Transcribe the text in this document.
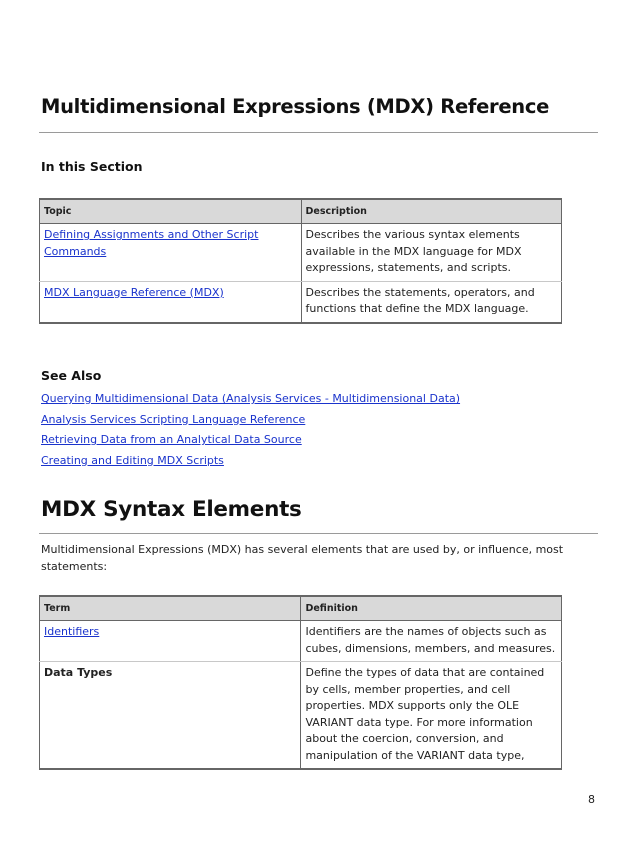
Multidimensional Expressions (MDX) Reference

In this Section

Topic	Description
Defining Assignments and Other Script Commands	Describes the various syntax elements available in the MDX language for MDX expressions, statements, and scripts.
MDX Language Reference (MDX)	Describes the statements, operators, and functions that define the MDX language.

See Also

Querying Multidimensional Data (Analysis Services - Multidimensional Data)
Analysis Services Scripting Language Reference
Retrieving Data from an Analytical Data Source
Creating and Editing MDX Scripts
MDX Syntax Elements
Multidimensional Expressions (MDX) has several elements that are used by, or influence, most statements:
Term	Definition
Identifiers	Identifiers are the names of objects such as cubes, dimensions, members, and measures.
Data Types	Define the types of data that are contained by cells, member properties, and cell properties. MDX supports only the OLE VARIANT data type. For more information about the coercion, conversion, and manipulation of the VARIANT data type,
8
